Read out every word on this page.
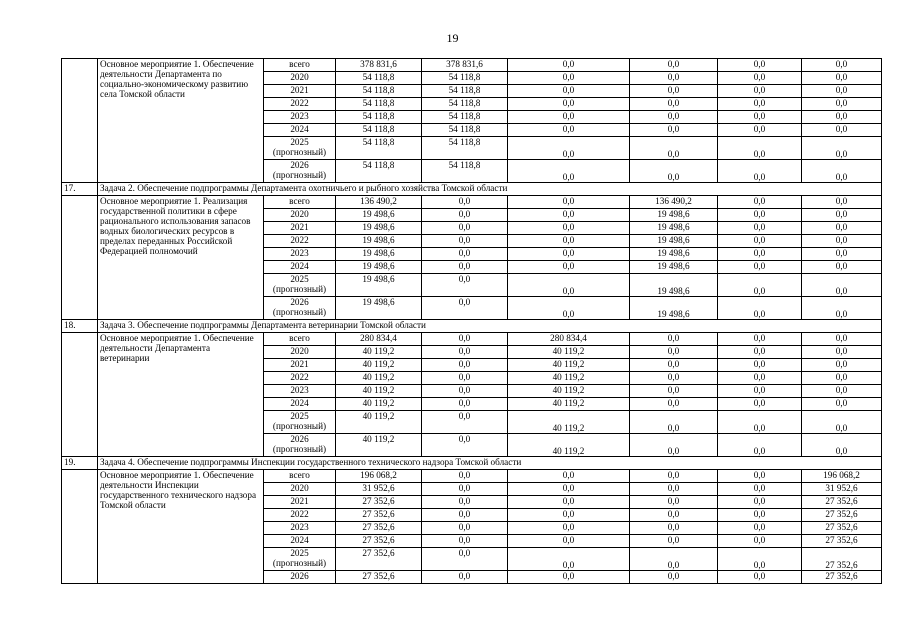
19
	Основное мероприятие 1. Обеспечение деятельности Департамента по социально-экономическому развитию села Томской области	всего	378 831,6	378 831,6	0,0	0,0	0,0	0,0
		2020	54 118,8	54 118,8	0,0	0,0	0,0	0,0
		2021	54 118,8	54 118,8	0,0	0,0	0,0	0,0
		2022	54 118,8	54 118,8	0,0	0,0	0,0	0,0
		2023	54 118,8	54 118,8	0,0	0,0	0,0	0,0
		2024	54 118,8	54 118,8	0,0	0,0	0,0	0,0
		2025 (прогнозный)	54 118,8	54 118,8	0,0	0,0	0,0	0,0
		2026 (прогнозный)	54 118,8	54 118,8	0,0	0,0	0,0	0,0
17.	Задача 2. Обеспечение подпрограммы Департамента охотничьего и рыбного хозяйства Томской области							
	Основное мероприятие 1. Реализация государственной политики в сфере рационального использования запасов водных биологических ресурсов в пределах переданных Российской Федерацией полномочий	всего	136 490,2	0,0	0,0	136 490,2	0,0	0,0
		2020	19 498,6	0,0	0,0	19 498,6	0,0	0,0
		2021	19 498,6	0,0	0,0	19 498,6	0,0	0,0
		2022	19 498,6	0,0	0,0	19 498,6	0,0	0,0
		2023	19 498,6	0,0	0,0	19 498,6	0,0	0,0
		2024	19 498,6	0,0	0,0	19 498,6	0,0	0,0
		2025 (прогнозный)	19 498,6	0,0	0,0	19 498,6	0,0	0,0
		2026 (прогнозный)	19 498,6	0,0	0,0	19 498,6	0,0	0,0
18.	Задача 3. Обеспечение подпрограммы Департамента ветеринарии Томской области							
	Основное мероприятие 1. Обеспечение деятельности Департамента ветеринарии	всего	280 834,4	0,0	280 834,4	0,0	0,0	0,0
		2020	40 119,2	0,0	40 119,2	0,0	0,0	0,0
		2021	40 119,2	0,0	40 119,2	0,0	0,0	0,0
		2022	40 119,2	0,0	40 119,2	0,0	0,0	0,0
		2023	40 119,2	0,0	40 119,2	0,0	0,0	0,0
		2024	40 119,2	0,0	40 119,2	0,0	0,0	0,0
		2025 (прогнозный)	40 119,2	0,0	40 119,2	0,0	0,0	0,0
		2026 (прогнозный)	40 119,2	0,0	40 119,2	0,0	0,0	0,0
19.	Задача 4. Обеспечение подпрограммы Инспекции государственного технического надзора Томской области							
	Основное мероприятие 1. Обеспечение деятельности Инспекции государственного технического надзора Томской области	всего	196 068,2	0,0	0,0	0,0	0,0	196 068,2
		2020	31 952,6	0,0	0,0	0,0	0,0	31 952,6
		2021	27 352,6	0,0	0,0	0,0	0,0	27 352,6
		2022	27 352,6	0,0	0,0	0,0	0,0	27 352,6
		2023	27 352,6	0,0	0,0	0,0	0,0	27 352,6
		2024	27 352,6	0,0	0,0	0,0	0,0	27 352,6
		2025 (прогнозный)	27 352,6	0,0	0,0	0,0	0,0	27 352,6
		2026	27 352,6	0,0	0,0	0,0	0,0	27 352,6
